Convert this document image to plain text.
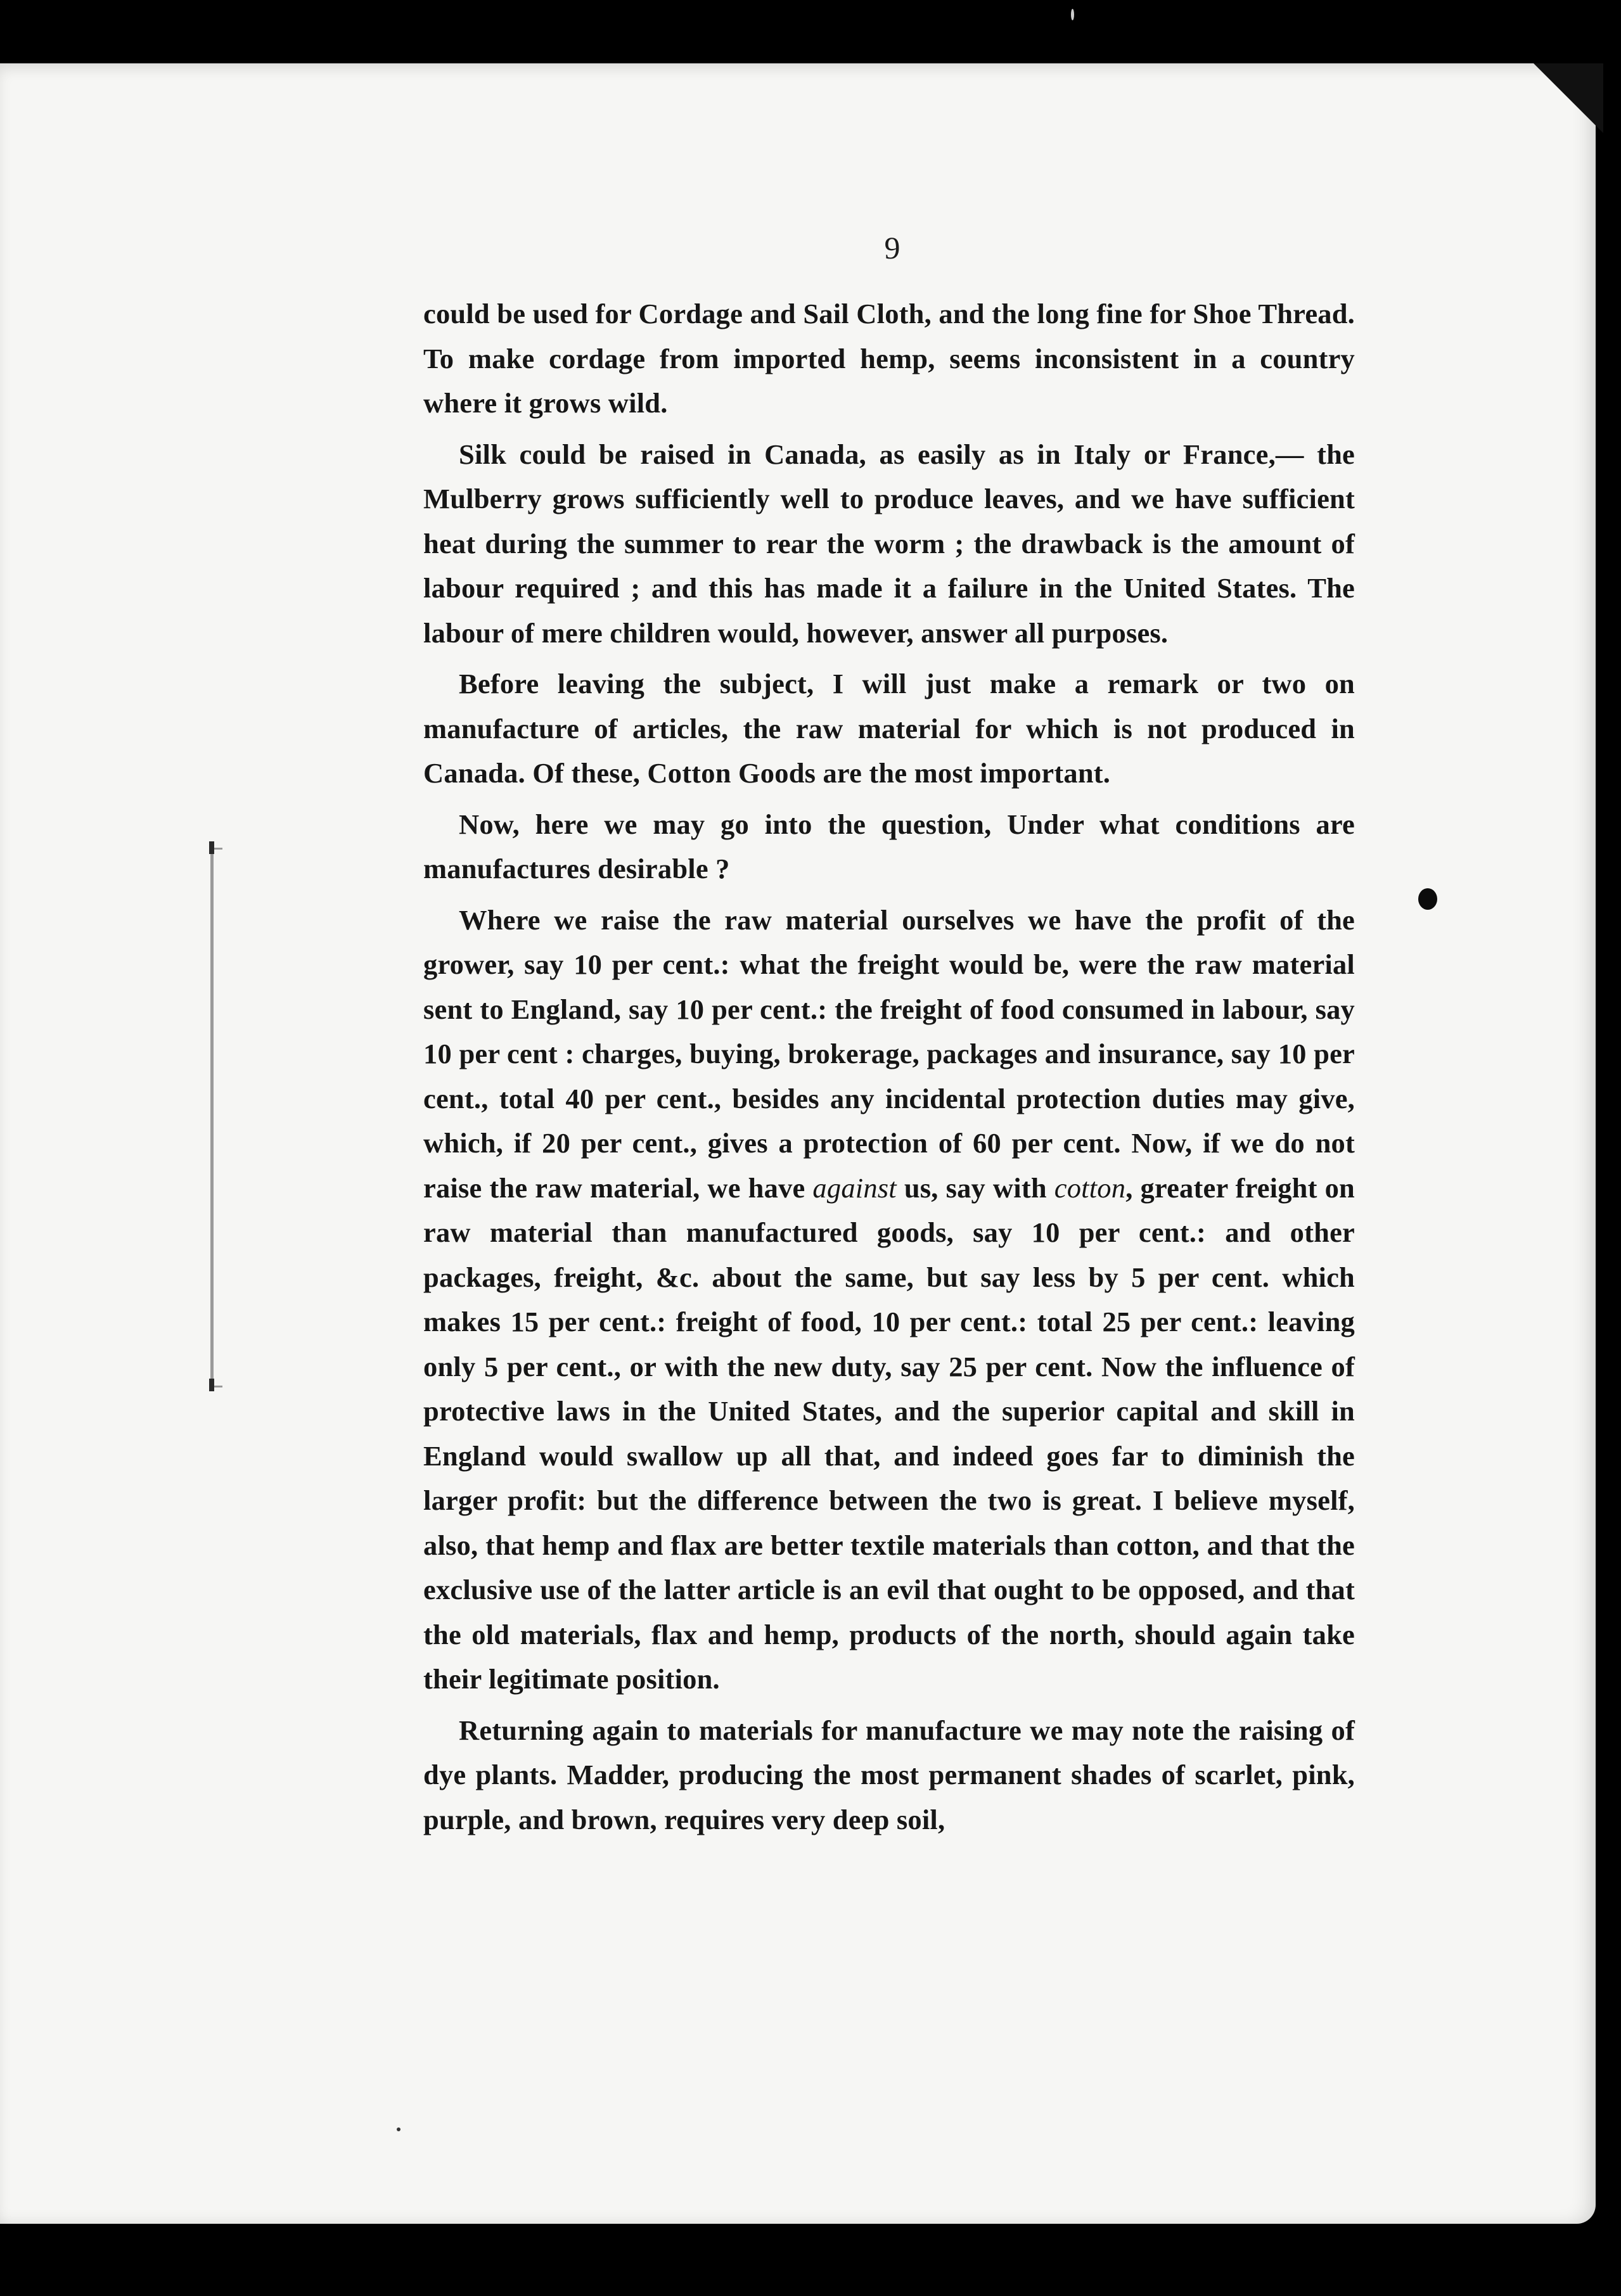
9

could be used for Cordage and Sail Cloth, and the long fine for Shoe Thread. To make cordage from imported hemp, seems inconsistent in a country where it grows wild.

Silk could be raised in Canada, as easily as in Italy or France,— the Mulberry grows sufficiently well to produce leaves, and we have sufficient heat during the summer to rear the worm ; the drawback is the amount of labour required ; and this has made it a failure in the United States. The labour of mere children would, however, answer all purposes.

Before leaving the subject, I will just make a remark or two on manufacture of articles, the raw material for which is not produced in Canada. Of these, Cotton Goods are the most important.

Now, here we may go into the question, Under what conditions are manufactures desirable ?

Where we raise the raw material ourselves we have the profit of the grower, say 10 per cent.: what the freight would be, were the raw material sent to England, say 10 per cent.: the freight of food consumed in labour, say 10 per cent : charges, buying, brokerage, packages and insurance, say 10 per cent., total 40 per cent., besides any incidental protection duties may give, which, if 20 per cent., gives a protection of 60 per cent. Now, if we do not raise the raw material, we have against us, say with cotton, greater freight on raw material than manufactured goods, say 10 per cent.: and other packages, freight, &c. about the same, but say less by 5 per cent. which makes 15 per cent.: freight of food, 10 per cent.: total 25 per cent.: leaving only 5 per cent., or with the new duty, say 25 per cent. Now the influence of protective laws in the United States, and the superior capital and skill in England would swallow up all that, and indeed goes far to diminish the larger profit: but the difference between the two is great. I believe myself, also, that hemp and flax are better textile materials than cotton, and that the exclusive use of the latter article is an evil that ought to be opposed, and that the old materials, flax and hemp, products of the north, should again take their legitimate position.

Returning again to materials for manufacture we may note the raising of dye plants. Madder, producing the most permanent shades of scarlet, pink, purple, and brown, requires very deep soil,
